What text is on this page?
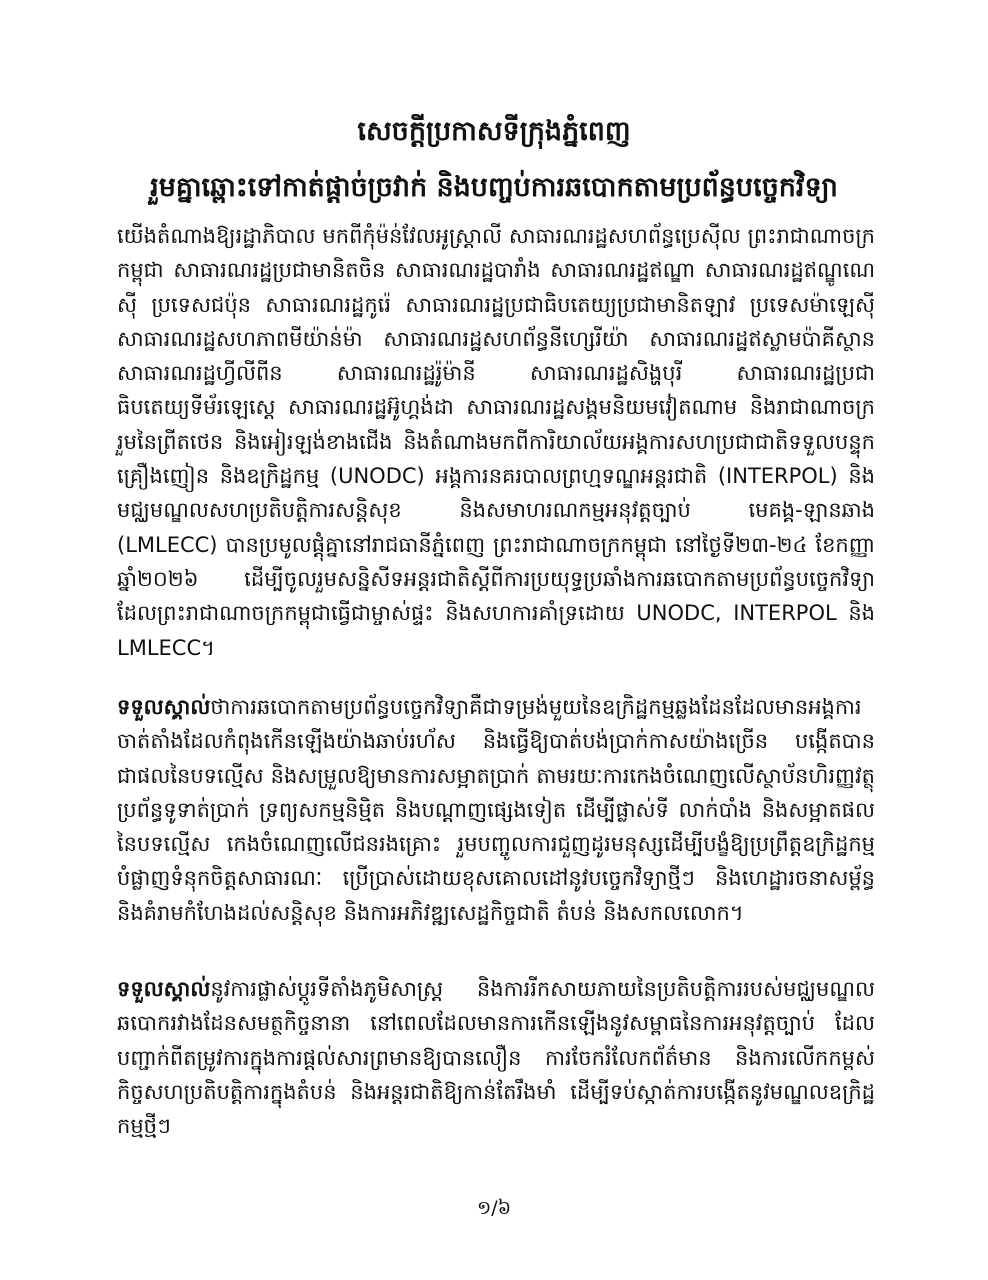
សេចក្តីប្រកាសទីក្រុងភ្នំពេញ
រួមគ្នាឆ្ពោះទៅកាត់ផ្តាច់ច្រវាក់ និងបញ្ចប់ការឆបោកតាមប្រព័ន្ធបច្ចេកវិទ្យា

យើងតំណាងឱ្យរដ្ឋាភិបាល មកពីកុំម៉ន់វែលអូស្ត្រាលី សាធារណរដ្ឋសហព័ន្ធប្រេស៊ីល ព្រះរាជាណាចក្រកម្ពុជា សាធារណរដ្ឋប្រជាមានិតចិន សាធារណរដ្ឋបារាំង សាធារណរដ្ឋឥណ្ឌា សាធារណរដ្ឋឥណ្ឌូណេស៊ី ប្រទេសជប៉ុន សាធារណរដ្ឋកូរ៉េ សាធារណរដ្ឋប្រជាធិបតេយ្យប្រជាមានិតឡាវ ប្រទេសម៉ាឡេស៊ី សាធារណរដ្ឋសហភាពមីយ៉ាន់ម៉ា សាធារណរដ្ឋសហព័ន្ធនីហ្សេរីយ៉ា សាធារណរដ្ឋឥស្លាមប៉ាគីស្ថាន សាធារណរដ្ឋហ្វីលីពីន សាធារណរដ្ឋរ៉ូម៉ានី សាធារណរដ្ឋសិង្ហបុរី សាធារណរដ្ឋប្រជាធិបតេយ្យទីម័រឡេស្តេ សាធារណរដ្ឋអ៊ូហ្គង់ដា សាធារណរដ្ឋសង្គមនិយមវៀតណាម និងរាជាណាចក្ររួមនៃព្រីតថេន និងអៀរឡង់ខាងជើង និងតំណាងមកពីការិយាល័យអង្គការសហប្រជាជាតិទទួលបន្ទុកគ្រឿងញៀន និងឧក្រិដ្ឋកម្ម (UNODC) អង្គការនគរបាលព្រហ្មទណ្ឌអន្តរជាតិ (INTERPOL) និងមជ្ឈមណ្ឌលសហប្រតិបត្តិការសន្តិសុខ និងសមាហរណកម្មអនុវត្តច្បាប់ មេគង្គ-ឡានឆាង (LMLECC) បានប្រមូលផ្តុំគ្នានៅរាជធានីភ្នំពេញ ព្រះរាជាណាចក្រកម្ពុជា នៅថ្ងៃទី២៣-២៤ ខែកញ្ញា ឆ្នាំ២០២៦ ដើម្បីចូលរួមសន្និសីទអន្តរជាតិស្តីពីការប្រយុទ្ធប្រឆាំងការឆបោកតាមប្រព័ន្ធបច្ចេកវិទ្យា ដែលព្រះរាជាណាចក្រកម្ពុជាធ្វើជាម្ចាស់ផ្ទះ និងសហការគាំទ្រដោយ UNODC, INTERPOL និង LMLECC។

ទទួលស្គាល់ថាការឆបោកតាមប្រព័ន្ធបច្ចេកវិទ្យាគឺជាទម្រង់មួយនៃឧក្រិដ្ឋកម្មឆ្លងដែនដែលមានអង្គការចាត់តាំងដែលកំពុងកើនឡើងយ៉ាងឆាប់រហ័ស និងធ្វើឱ្យបាត់បង់ប្រាក់កាសយ៉ាងច្រើន បង្កើតបានជាផលនៃបទល្មើស និងសម្រួលឱ្យមានការសម្អាតប្រាក់ តាមរយៈការកេងចំណេញលើស្ថាប័នហិរញ្ញវត្ថុ ប្រព័ន្ធទូទាត់ប្រាក់ ទ្រព្យសកម្មនិម្មិត និងបណ្តាញផ្សេងទៀត ដើម្បីផ្លាស់ទី លាក់បាំង និងសម្អាតផលនៃបទល្មើស កេងចំណេញលើជនរងគ្រោះ រួមបញ្ចូលការជួញដូរមនុស្សដើម្បីបង្ខំឱ្យប្រព្រឹត្តឧក្រិដ្ឋកម្ម បំផ្លាញទំនុកចិត្តសាធារណៈ ប្រើប្រាស់ដោយខុសគោលដៅនូវបច្ចេកវិទ្យាថ្មីៗ និងហេដ្ឋារចនាសម្ព័ន្ធ និងគំរាមកំហែងដល់សន្តិសុខ និងការអភិវឌ្ឍសេដ្ឋកិច្ចជាតិ តំបន់ និងសកលលោក។

ទទួលស្គាល់នូវការផ្លាស់ប្តូរទីតាំងភូមិសាស្ត្រ និងការរីកសាយភាយនៃប្រតិបត្តិការរបស់មជ្ឈមណ្ឌលឆបោករវាងដែនសមត្ថកិច្ចនានា នៅពេលដែលមានការកើនឡើងនូវសម្ពាធនៃការអនុវត្តច្បាប់ ដែលបញ្ជាក់ពីតម្រូវការក្នុងការផ្តល់សារព្រមានឱ្យបានលឿន ការចែករំលែកព័ត៌មាន និងការលើកកម្ពស់កិច្ចសហប្រតិបត្តិការក្នុងតំបន់ និងអន្តរជាតិឱ្យកាន់តែរឹងមាំ ដើម្បីទប់ស្កាត់ការបង្កើតនូវមណ្ឌលឧក្រិដ្ឋកម្មថ្មីៗ

១/៦
